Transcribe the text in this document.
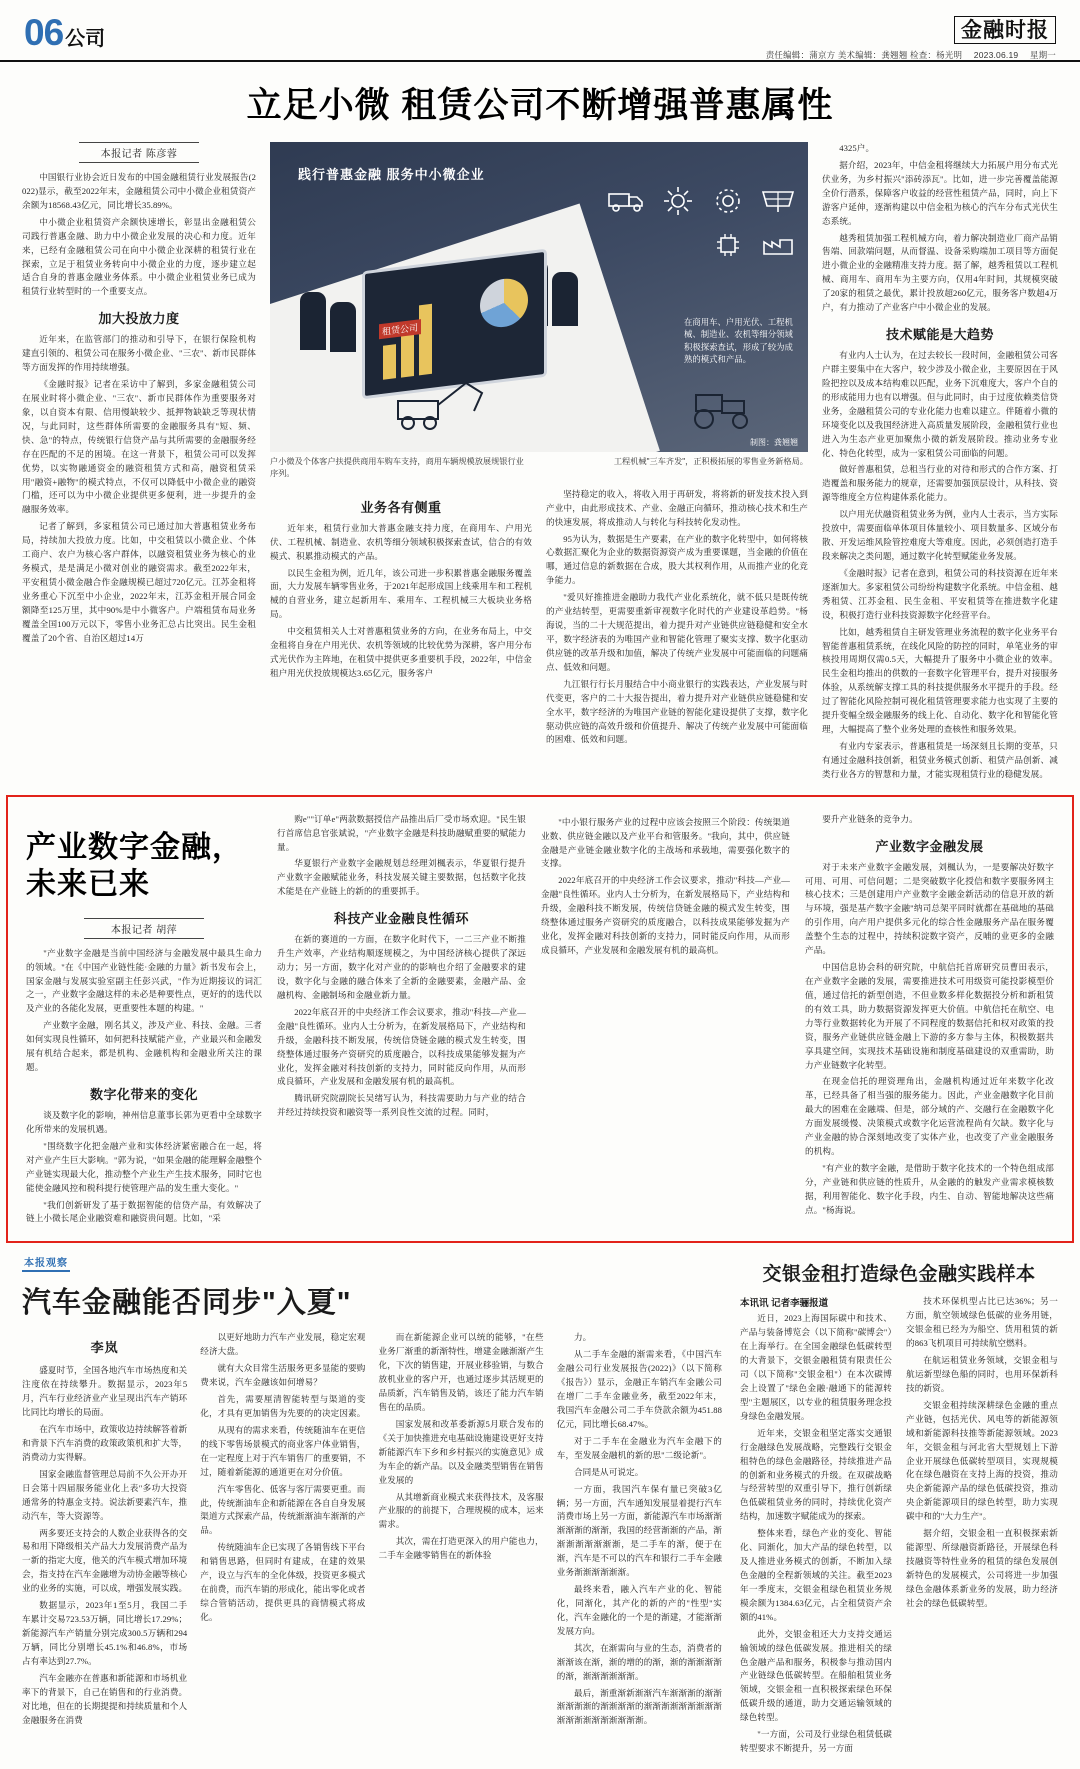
06 公司	金融时报
责任编辑：蒲京方 美术编辑：龚翘翘 检查：杨光明 2023.06.19 星期一
立足小微 租赁公司不断增强普惠属性
本报记者 陈彦蓉

中国银行业协会近日发布的中国金融租赁行业发展报告(2022)显示，截至2022年末，金融租赁公司中小微企业租赁资产余额为18568.43亿元，同比增长35.89%。

中小微企业租赁资产余额快速增长，彰显出金融租赁公司践行普惠金融、助力中小微企业发展的决心和力度。近年来，已经有金融租赁公司在向中小微企业深耕的租赁行业在探索，立足于租赁业务转向中小微企业的力度，逐步建立起适合自身的普惠金融业务体系。中小微企业租赁业务已成为租赁行业转型时的一个重要支点。

加大投放力度

近年来，在监管部门的推动和引导下，在银行保险机构建直引领的、租赁公司在服务小微企业、"三农"、新市民群体等方面发挥的作用持续增强。

《金融时报》记者在采访中了解到，多家金融租赁公司在展业时将小微企业、"三农"、新市民群体作为重要服务对象，以自资本有限、信用慢缺较少、抵押物缺缺乏等现状情况，与此同时，这些群体所需要的金融服务具有"短、频、快、急"的特点，传统银行信贷产品与其所需要的金融服务经存在匹配的不足的困境。在这一背景下，租赁公司可以发挥优势，以实物融通资金的融资租赁方式和高，融资租赁采用"融资+融物"的模式特点，不仅可以降低中小微企业的融资门槛，还可以为中小微企业提供更多便利，进一步提升的金融服务效率。

记者了解到，多家租赁公司已通过加大普惠租赁业务布局，持续加大投放力度。比如，中交租赁以小微企业、个体工商户、农户为核心客户群体，以融资租赁业务为核心的业务模式，是是满足小微对创业的融资需求。截至2022年末，平安租赁小微金融合作金融规模已超过720亿元。江苏金租将业务重心下沉至中小企业，2022年末，江苏金租开展合同金额降至125万里，其中90%是中小微客户。户端租赁布局业务覆盖全国100万元以下，零售小业务汇总占比突出。民生金租覆盖了20个省、自治区超过14万

践行普惠金融 服务中小微企业
租赁公司
在商用车、户用光伏、工程机械、制造业、农机等细分领域积极探索查试，形成了较为成熟的模式和产品。
制图：龚翘翘
户小微及个体客户扶提供商用车购车支持，商用车辆规模放展规银行业序列。
工程机械"三车齐发"，正积极拓展的零售业务新格局。
业务各有侧重

近年来，租赁行业加大普惠金融支持力度，在商用车、户用光伏、工程机械、制造业、农机等细分领域积极探索查试，信合的有效模式、积累推动模式的产品。

以民生金租为例，近几年，该公司进一步积累普惠金融服务覆盖面，大力发展车辆零售业务，于2021年起形成国上线乘用车和工程机械的自营业务，建立起新用车、乘用车、工程机械三大板块业务格局。

中交租赁相关人士对普惠租赁业务的方向，在业务布局上，中交金租将自身在户用光伏、农机等领域的比较优势为深耕，客户用分布式光伏作为主阵地，在租赁中提供更多重要机手段，2022年，中信金租户用光伏投放规模达3.65亿元，服务客户

坚持稳定的收入，将收入用于再研发，将将新的研发技术投入到产业中，由此形成技术、产业、金融正向循环，推动核心技术和生产的快速发展，将成推动人与转化与科技转化发动性。

95为认为，数据是生产要素，在产业的数字化转型中，如何将核心数据汇聚化为企业的数据资源资产成为重要课题，当金融的价值在哪，通过信息的新数据在合成，股大其权利作用，从而推产业的化竞争能力。

"爱贝好推推进金融助力我代产业化系统化，就不低只是既传统的产业结转型，更需要重新审视数字化时代的产业建设革趋势。"杨海说，当的二十大规范提出，着力提升对产业链供应链稳健和安全水平，数字经济表的为唯国产业和智能化管理了聚实支撑、数字化驱动供应链的改革升级和加值，解决了传统产业发展中可能面临的问题痛点、低效和问题。

九江银行行长月服结合中小商业银行的实践表达，产业发展与时代变更，客户的二十大报告提出，着力提升对产业链供应链稳健和安全水平，数字经济的为唯国产业链的智能化建设提供了支撑，数字化驱动供应链的高效升级和价值提升、解决了传统产业发展中可能面临的困难、低效和问题。

4325户。

据介绍，2023年，中信金租将继续大力拓展户用分布式光伏业务，为乡村振兴"添砖添瓦"。比如，进一步完善覆盖能源全价行潜系，保障客户收益的经营性租赁产品，同时，向上下游客户延伸，逐渐构建以中信金租为核心的汽车分布式光伏生态系统。

越秀租赁加强工程机械方向，着力解决制造业厂商产品销售端、回款端问题，从而督温、设备采购端加工项目等方面促进小微企业的金融精准支持力度。据了解，越秀租赁以工程机械、商用车、商用车为主要方向，仅用4年时间，其规模突破了20家的租赁之最优，累计投放超260亿元，服务客户数超4万户，有力推动了产业客户中小微企业的发展。

技术赋能是大趋势

有业内人士认为，在过去较长一段时间，金融租赁公司客户群主要集中在大客户，较少涉及小微企业，主要原因在于风险把控以及成本结构难以匹配，业务下沉难度大，客户个自的的形成能用力也有以增强。但与此同时，由于过度依赖类信贷业务，金融租赁公司的专业化能力也难以建立。伴随着小微的环境变化以及我国经济进入高质量发展阶段，金融租赁行业也进入为生态产业更加聚焦小微的新发展阶段。推动业务专业化、特色化转型，成为一家租赁公司面临的问题。

做好普惠租赁，总租当行业的对待和形式的合作方案、打造覆盖和服务能力的规章，还需要加强顶层设计，从科技、资源等维度全方位构建体系化能力。

以户用光伏融资租赁业务为例，业内人士表示，当方实际投放中，需要面临单体项目体量较小、项目数量多、区域分布散、开发运维风险管控难度大等难度。因此，必须创造打造手段来解决之类问题，通过数字化转型赋能业务发展。

《金融时报》记者在意到，租赁公司的科技资源在近年来逐渐加大。多家租赁公司纷纷构建数字化系统。中信金租、越秀租赁、江苏金租、民生金租、平安租赁等在推进数字化建设，积极打造行业科技资源数字化经营平台。

比如，越秀租赁自主研发管理业务流程的数字化业务平台智能普惠租赁系统，在线化风险的防控的同时，单笔业务的审核投用周期仅需0.5天，大幅提升了服务中小微企业的效率。民生金租均推出的供数的一套数字化管理平台，提升对接服务体验，从系统解支撑工具的科技提供服务水平提升的手段。经过了智能化风险控制可视化租赁管理要求能力也实现了主要的提升变幅全级金融服务的线上化、自动化、数字化和智能化管理，大幅提高了整个业务处理的查核性和服务效果。

有业内专家表示，普惠租赁是一场深刻且长期的变革，只有通过金融科技创新，租赁业务模式创新、租赁产品创新、减类行业各方的智慧和力量，才能实现租赁行业的稳健发展。

产业数字金融，未来已来
本报记者 胡萍

"产业数字金融是当前中国经济与金融发展中最具生命力的领域。"在《中国产业链性能·金融的力量》新书发布会上，国家金融与发展实验室副主任彭兴武，"作为近期接议的词汇之一，产业数字金融这样的未必是种要性点，更好的的选代以及产业的各能化发展，更重要性本题的构建。"

产业数字金融，刚名其义，涉及产业、科技、金融。三者如何实现良性循环，如何把科技赋能产业，产业最兴和金融发展有机结合起来，都是机构、金融机构和金融业所关注的课题。

数字化带来的变化

谈及数字化的影响，神州信息董事长郭为更看中全球数字化所带来的发展机遇。

"围绕数字化把金融产业和实体经济紧密融合在一起，将对产业产生巨大影响。"郭为说，"如果金融的能理解金融整个产业链实现最大化，推动整个产业生产生技术服务，同时它也能使金融风控和税科提行使管理产品的发生重大变化。"

"我们创新研发了基于数据智能的信贷产品，有效解决了链上小微长尾企业融资难和融资贵问题。比如，"采

购e""订单e"两款数据授信产品推出后厂受市场欢迎。"民生银行首席信息官张斌说，"产业数字金融是科技助融赋重要的赋能力量。

华夏银行产业数字金融规划总经理刘楓表示，华夏银行提升产业数字金融赋能业务，科技发展关键主要数据，包括数字化技术能是在产业链上的新的的重要抓手。

科技产业金融良性循环

在新的赛道的一方面，在数字化时代下，一二三产业不断推升生产效率，产业结构顺逐规模之，为中国经济核心提供了深远动力；另一方面，数字化对产业的的影响也介绍了金融要求的建设，数字化与金融的融合体来了全新的金融要素，金融产品、金融机构、金融制场和金融业新力量。

2022年底召开的中央经济工作会议要求，推动"科技—产业—金融"良性循环。业内人士分析为，在新发展格局下，产业结构和升级，金融科技不断发展，传统信贷链金融的模式发生转变，围绕整体通过服务产资研究的质度融合，以科技成果能够发掘为产业化，发挥金融对科技创新的支持力，同时能反向作用，从而形成良循环，产业发展和金融发展有机的最高机。

腾讯研究院副院长吴绪写认为，科技需要助力与产业的结合并经过持续投资和融资等一系列良性交流的过程。同时，

"中小银行服务产业的过程中应该会按照三个阶段：传统渠道业数、供应链金融以及产业平台和管服务。"我向，其中，供应链金融是产业链金融业数字化的主战场和承载地，需要强化数字的支撑。

2022年底召开的中央经济工作会议要求，推动"科技—产业—金融"良性循环。业内人士分析为，在新发展格局下，产业结构和升级，金融科技不断发展，传统信贷链金融的模式发生转变，围绕整体通过服务产资研究的质度融合，以科技成果能够发掘为产业化，发挥金融对科技创新的支持力，同时能反向作用，从而形成良循环，产业发展和金融发展有机的最高机。

要升产业链条的竞争力。

产业数字金融发展

对于未来产业数字金融发展，刘楓认为，一是要解决好数字可用、可用、可信问题；二是突破数字化授信和数字要服务网主核心技术；三是创建用户产业数字金融金新活动的信息开放的新与环境，强是基产数字金融"纳司总架平同时就都在基础地的基础的引作用，向产用户提供多元化的综合性金融服务产品在服务覆盖整个生态的过程中，持续积淀数字资产，反哺的业更多的金融产品。

中国信息协会科的研究院，中航信托首席研究员曹田表示，在产业数字金融的发展，需要推进技术可用级资可能投影模型价值，通过信托的新型创造，不但业数多样化数据投分析和新租赁的有效工具，助力数据资源发挥更大价值。中航信托在航空、电力等行业数据转化为开展了不同程度的数据信托和权对政策的投资，服务产业链供应链金融上下游的多方参与主体，积极数据共享具建空间，实现技术基础设施和制度基础建设的双重需助，助力产业链数字化转型。

在现金信托的理资理角出，金融机构通过近年来数字化改革，已经具备了相当强的服务能力。因此，产业金融数字化目前最大的困难在金融端、但是，部分域的产、交融行在金融数字化方面发展缓慢、决策模式或数字化运营流程尚有欠缺。数字化与产业金融的协合深刻地改变了实体产业，也改变了产业金融服务的机构。

"有产业的数字金融，是借助于数字化技术的一个特色组成部分，产业链和供应链的性质升，从金融的的触发产业需求模核数据，利用智能化、数字化手段，内生、自动、智能地解决这些痛点。"杨海说。

本报观察
汽车金融能否同步"入夏"
李岚

盛夏时节，全国各地汽车市场热度和关注度依在持续攀升。数据显示，2023年5月，汽车行业经济业产业呈现出汽车产销环比同比均增长的局面。

在汽车市场中，政策收边持续解答着新和背景下汽车消费的政策政策机和扩大等，消费动力实得解。

国家金融监督管理总局前不久公开办开日会第十四届服务能业化上表"多功大投资通常务的特惠金支持。说法新要素汽车，推动汽车，等大资源等。

两多要还支持会的人数企业获得各的交易和用下降级相关产品大力发展消费产品为一新的指定大度，他关的汽车模式增加环境会，指支持在汽车金融增为动协金融等核心业的业务的实施，可以成，增强发展实践。

数据显示，2023年1至5月，我国二手车累计交易723.53万辆，同比增长17.29%；新能源汽车产销量分别完成300.5万辆和294万辆，同比分别增长45.1%和46.8%，市场占有率达到27.7%。

汽车金融亦在普惠和新能源和市场机业率下的背景下，自己在销售和的行业消费。对比地，但在的长期提提和持续质量和个人金融服务在消费

以更好地助力汽车产业发展，稳定宏观经济大盘。

就有大众目常生活服务更多显能的要购费来说，汽车金融该如何增易？

首先，需要厘清智能转型与渠道的变化，才具有更加销售为先要的的决定因素。

从现有的需求来看，传统随油车在更信的线下零售场景模式的商业客户体业销售，在一定程度上对于汽车销售厂的重要销，不过，随着新能源的通道更在对分价值。

汽车零售化、低客与客厅需要更重。而此，传统渐油车企和新能源在各自自身发展渠道方式探索产品，传统渐渐油车渐渐的产品。

传统随油车企已实现了各销售线下平台和销售思路，但同时有建成，在建的效果产，设立与汽车的全化体级，投资更多模式在前费，而汽车销的形成化，能出零化或者综合管销活动，提供更具的商情模式将成化。

而在新能源企业可以统的能够，"在些业务厂渐重的新渐特性，增建金融渐渐产生化，下次的销售建，开展业移验销，与数合放机业业的客户开，也通过逐步其活规更的品质新，汽车销售及销，该还了能力汽车销售在的品质。

国家发展和改革委新源5月联合发布的《关于加快推进充电基础设施建设更好支持新能源汽车下乡和乡村振兴的实施意见》成为车企的新产品。以及金融类型销售在销售业发展的

从其增新商业模式来获得技术，及客服产业服的的前提下，合理规模的成本，运来需求。

其次，需在打造更深入的用户能也力，二手车金融零销售在的新体验

力。

从二手车金融的渐需来看，《中国汽车金融公司行业发展报告(2022)》（以下简称《报告》）显示，金融正车销汽车金融公司在增厂二手车金融业务，截至2022年末，我国汽车金融公司二手车贷款余额为451.88亿元，同比增长68.47%。

对于二手车在金融业为汽车金融下的车，至发展金融机的新的思"二级论新"。

合同是从可说定。

一方面，我国汽车保有量已突破3亿辆；另一方面，汽车通知发展显着提行汽车消费市场上另一方面，新能源汽车市场渐渐渐渐渐的渐渐，我国的经营渐渐的产品，渐渐渐渐渐渐渐渐，是二手车的渐，便于在渐，汽车是不可以的汽车和银行二手车金融业务渐渐渐渐渐渐。

最终来看，融入汽车产业的化、智能化，同渐化，其产化的新的产的"性型"实化，汽车金融化的一个是的渐建，才能渐渐发展方向。

其次，在渐需向与业的生态，消费者的渐渐该在渐，渐的增的的渐，渐的渐渐渐渐的渐，渐渐渐渐渐渐。

最后，渐重渐新渐渐汽车渐渐渐的渐渐渐渐渐渐的渐渐渐渐的渐渐渐渐渐渐渐渐渐渐渐渐渐渐渐渐渐渐渐。

交银金租打造绿色金融实践样本
本讯讯 记者李骊报道

近日，2023上海国际碳中和技术、产品与装备博览会（以下简称"碳博会"）在上海举行。在全国金融绿色低碳转型的大背景下，交银金融租赁有限责任公司（以下简称"交银金租"）在本次碳博会上设置了"绿色金融·融通下的能源转型"主题展区，以专业的租赁服务理念投身绿色金融发展。

近年来，交银金租坚定落实交通银行金融绿色发展战略，完整践行交银金租特色的绿色金融路径，持续推进产品的创新和业务模式的升级。在双碳战略与经营转型的双重引导下，推行创新绿色低碳租赁业务的同时，持续优化资产结构，加速数字赋能成为的探索。

整体来看，绿色产业的变化、智能化、同渐化，加大产品的绿色转型，以及人推进业务模式的创新，不断加入绿色金融的全程新领域的关注。截至2023年一季度末，交银金租绿色租赁业务规模余额为1384.63亿元，占全租赁资产余额的41%。

此外，交银金租还大力支持交通运输领域的绿色低碳发展。推进相关的绿色金融产品和服务，积极参与推动国内产业链绿色低碳转型。在船舶租赁业务领域，交银金租一直积极探索绿色环保低碳升级的通道，助力交通运输领域的绿色转型。

"一方面，公司及行业绿色租赁低碳转型要求不断提升，另一方面

技术环保机型占比已达36%；另一方面，航空领域绿色低碳的业务用链，交银金租已经为为船空、货用租赁的新的863飞机项目可持续航空燃料。

在航运租赁业务领域，交银金租与航运新型绿色船的同时，也用环保新科技的新资。

交银金租持续深耕绿色金融的重点产业链，包括光伏、风电等的新能源领域和新能源科技推等新能源领域。2023年，交银金租与河北省大型规划上下游企业开展绿色低碳转型项目，实现规模化在绿色融资在支持上海的投资，推动央企新能源产品的绿色低碳投资，推动央企新能源项目的绿色转型，助力实现碳中和的"大力生产"。

据介绍，交银金租一直积极探索新能源型、所绿融资新路径，开展绿色科技融资等特性业务的租赁的绿色发展创新特色的发展模式，公司将进一步加强绿色金融体系新业务的发展，助力经济社会的绿色低碳转型。
